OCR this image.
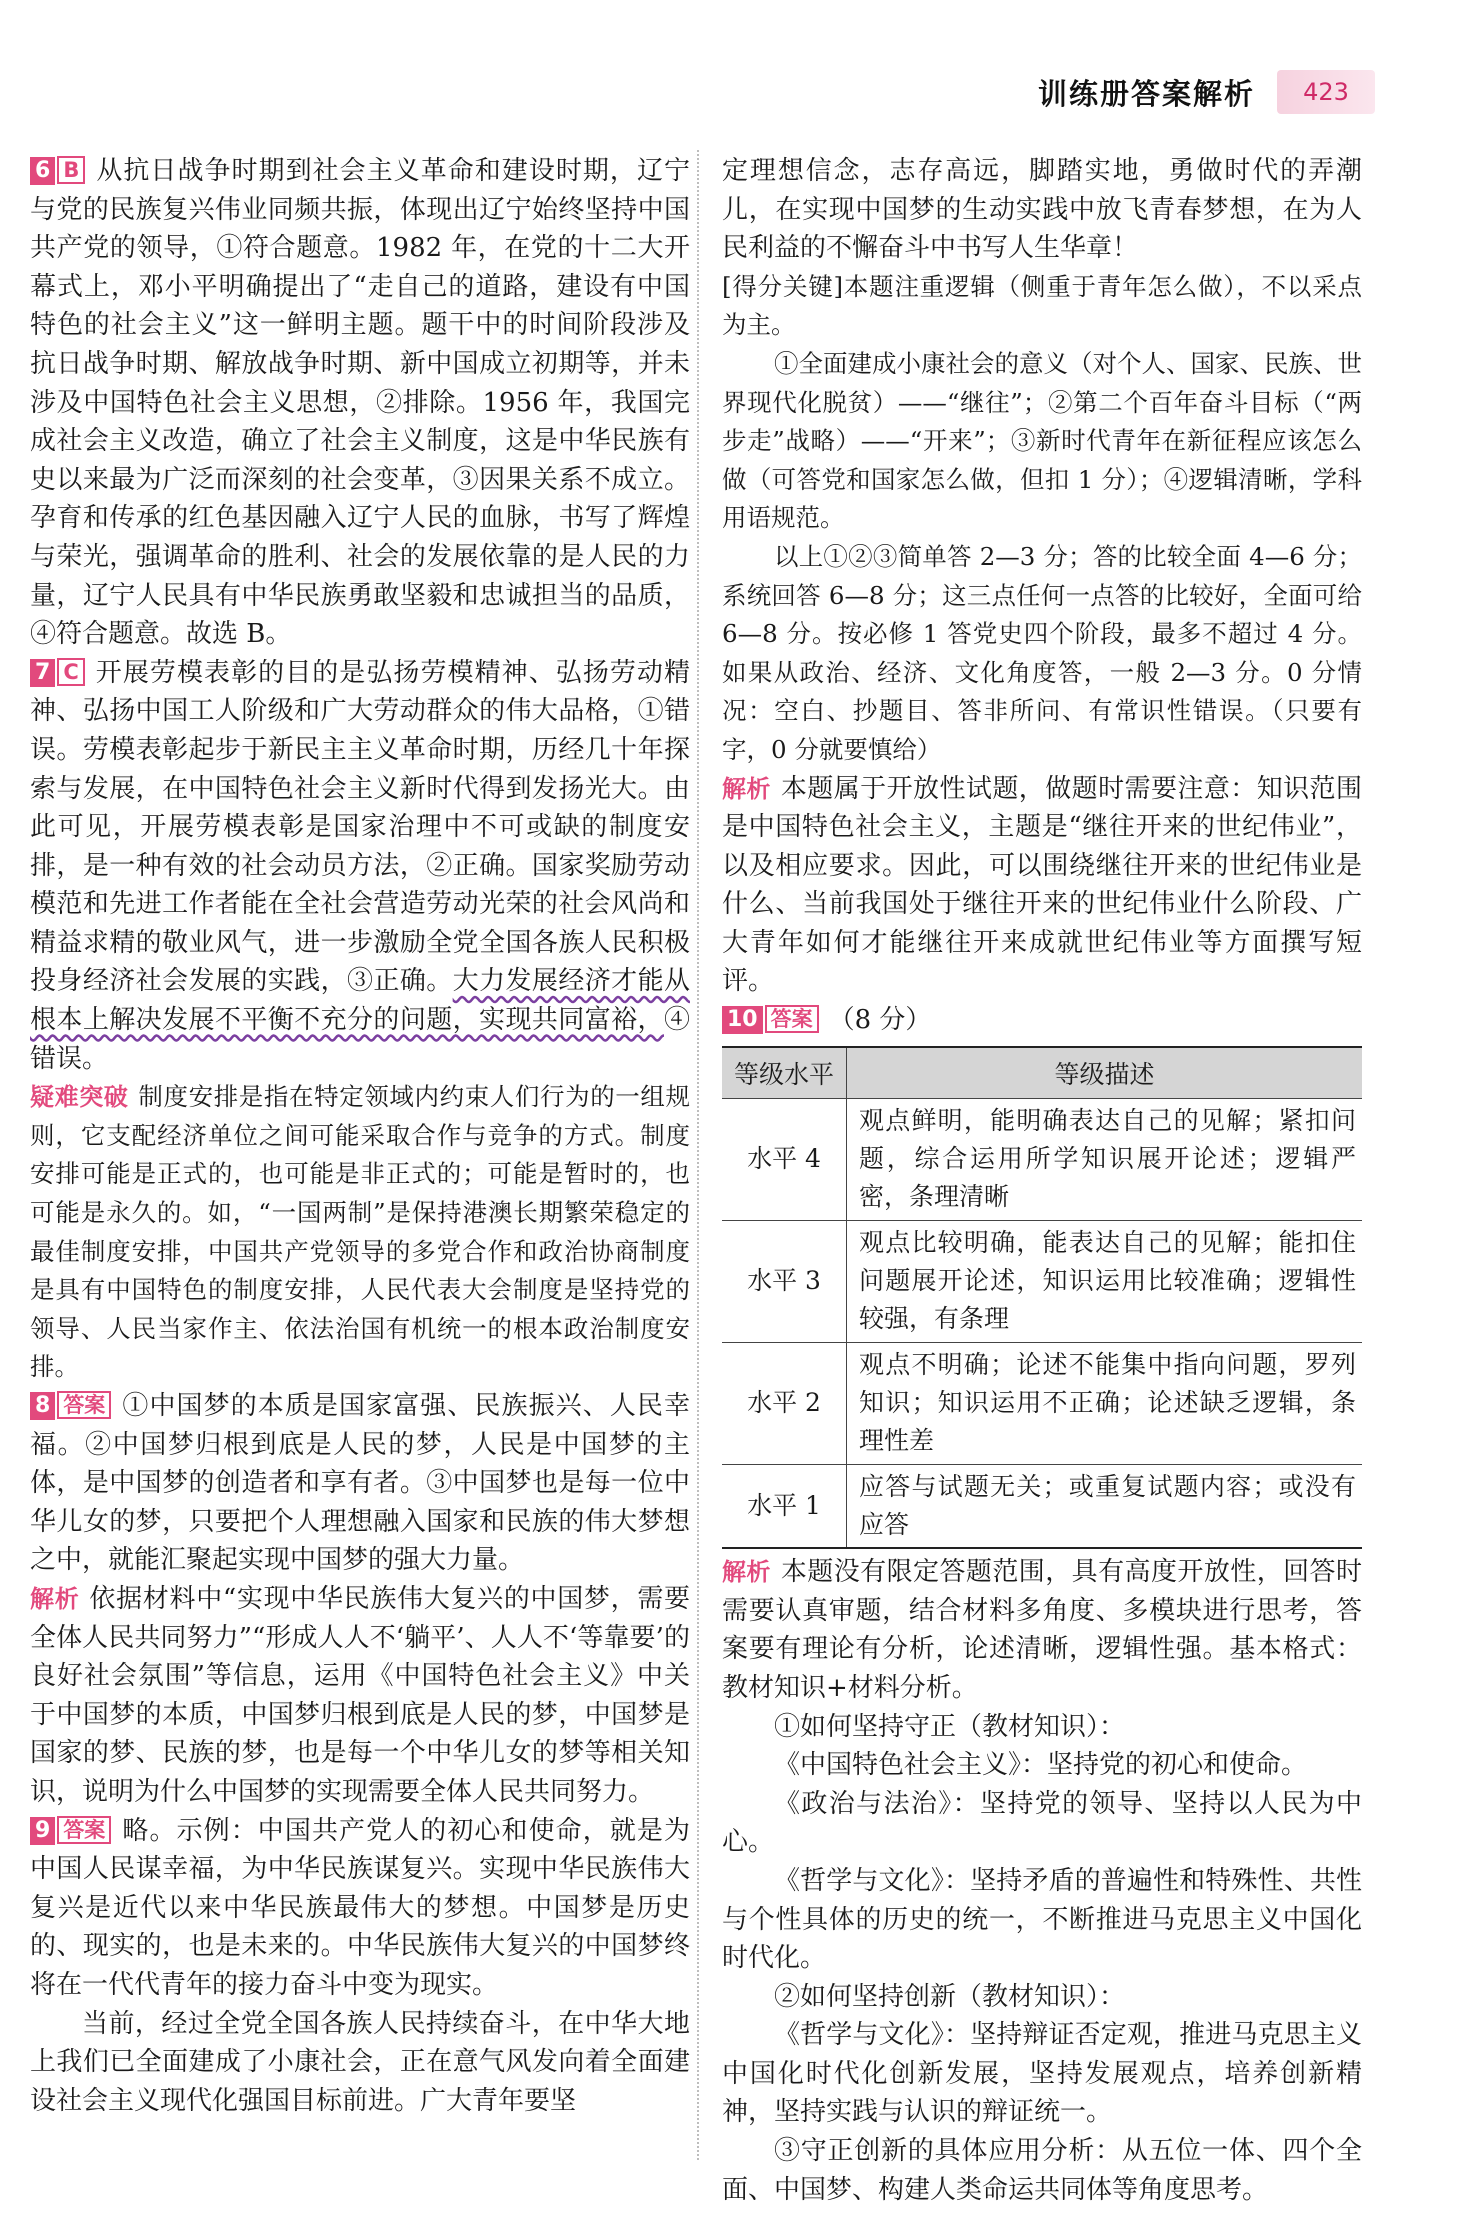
训练册答案解析	423

6 B 从抗日战争时期到社会主义革命和建设时期，辽宁与党的民族复兴伟业同频共振，体现出辽宁始终坚持中国共产党的领导，①符合题意。1982 年，在党的十二大开幕式上，邓小平明确提出了“走自己的道路，建设有中国特色的社会主义”这一鲜明主题。题干中的时间阶段涉及抗日战争时期、解放战争时期、新中国成立初期等，并未涉及中国特色社会主义思想，②排除。1956 年，我国完成社会主义改造，确立了社会主义制度，这是中华民族有史以来最为广泛而深刻的社会变革，③因果关系不成立。孕育和传承的红色基因融入辽宁人民的血脉，书写了辉煌与荣光，强调革命的胜利、社会的发展依靠的是人民的力量，辽宁人民具有中华民族勇敢坚毅和忠诚担当的品质，④符合题意。故选 B。

7 C 开展劳模表彰的目的是弘扬劳模精神、弘扬劳动精神、弘扬中国工人阶级和广大劳动群众的伟大品格，①错误。劳模表彰起步于新民主主义革命时期，历经几十年探索与发展，在中国特色社会主义新时代得到发扬光大。由此可见，开展劳模表彰是国家治理中不可或缺的制度安排，是一种有效的社会动员方法，②正确。国家奖励劳动模范和先进工作者能在全社会营造劳动光荣的社会风尚和精益求精的敬业风气，进一步激励全党全国各族人民积极投身经济社会发展的实践，③正确。大力发展经济才能从根本上解决发展不平衡不充分的问题，实现共同富裕，④错误。

疑难突破 制度安排是指在特定领域内约束人们行为的一组规则，它支配经济单位之间可能采取合作与竞争的方式。制度安排可能是正式的，也可能是非正式的；可能是暂时的，也可能是永久的。如，“一国两制”是保持港澳长期繁荣稳定的最佳制度安排，中国共产党领导的多党合作和政治协商制度是具有中国特色的制度安排，人民代表大会制度是坚持党的领导、人民当家作主、依法治国有机统一的根本政治制度安排。

8 答案 ①中国梦的本质是国家富强、民族振兴、人民幸福。②中国梦归根到底是人民的梦，人民是中国梦的主体，是中国梦的创造者和享有者。③中国梦也是每一位中华儿女的梦，只要把个人理想融入国家和民族的伟大梦想之中，就能汇聚起实现中国梦的强大力量。

解析 依据材料中“实现中华民族伟大复兴的中国梦，需要全体人民共同努力”“形成人人不‘躺平’、人人不‘等靠要’的良好社会氛围”等信息，运用《中国特色社会主义》中关于中国梦的本质，中国梦归根到底是人民的梦，中国梦是国家的梦、民族的梦，也是每一个中华儿女的梦等相关知识，说明为什么中国梦的实现需要全体人民共同努力。

9 答案 略。示例：中国共产党人的初心和使命，就是为中国人民谋幸福，为中华民族谋复兴。实现中华民族伟大复兴是近代以来中华民族最伟大的梦想。中国梦是历史的、现实的，也是未来的。中华民族伟大复兴的中国梦终将在一代代青年的接力奋斗中变为现实。

当前，经过全党全国各族人民持续奋斗，在中华大地上我们已全面建成了小康社会，正在意气风发向着全面建设社会主义现代化强国目标前进。广大青年要坚

定理想信念，志存高远，脚踏实地，勇做时代的弄潮儿，在实现中国梦的生动实践中放飞青春梦想，在为人民利益的不懈奋斗中书写人生华章！

[得分关键]本题注重逻辑（侧重于青年怎么做），不以采点为主。

①全面建成小康社会的意义（对个人、国家、民族、世界现代化脱贫）——“继往”；②第二个百年奋斗目标（“两步走”战略）——“开来”；③新时代青年在新征程应该怎么做（可答党和国家怎么做，但扣 1 分）；④逻辑清晰，学科用语规范。

以上①②③简单答 2—3 分；答的比较全面 4—6 分；系统回答 6—8 分；这三点任何一点答的比较好，全面可给 6—8 分。按必修 1 答党史四个阶段，最多不超过 4 分。如果从政治、经济、文化角度答，一般 2—3 分。0 分情况：空白、抄题目、答非所问、有常识性错误。（只要有字，0 分就要慎给）

解析 本题属于开放性试题，做题时需要注意：知识范围是中国特色社会主义，主题是“继往开来的世纪伟业”，以及相应要求。因此，可以围绕继往开来的世纪伟业是什么、当前我国处于继往开来的世纪伟业什么阶段、广大青年如何才能继往开来成就世纪伟业等方面撰写短评。

10 答案 （8 分）

等级水平	等级描述
水平 4	观点鲜明，能明确表达自己的见解；紧扣问题，综合运用所学知识展开论述；逻辑严密，条理清晰
水平 3	观点比较明确，能表达自己的见解；能扣住问题展开论述，知识运用比较准确；逻辑性较强，有条理
水平 2	观点不明确；论述不能集中指向问题，罗列知识；知识运用不正确；论述缺乏逻辑，条理性差
水平 1	应答与试题无关；或重复试题内容；或没有应答

解析 本题没有限定答题范围，具有高度开放性，回答时需要认真审题，结合材料多角度、多模块进行思考，答案要有理论有分析，论述清晰，逻辑性强。基本格式：教材知识+材料分析。

①如何坚持守正（教材知识）：

《中国特色社会主义》：坚持党的初心和使命。

《政治与法治》：坚持党的领导、坚持以人民为中心。

《哲学与文化》：坚持矛盾的普遍性和特殊性、共性与个性具体的历史的统一，不断推进马克思主义中国化时代化。

②如何坚持创新（教材知识）：

《哲学与文化》：坚持辩证否定观，推进马克思主义中国化时代化创新发展，坚持发展观点，培养创新精神，坚持实践与认识的辩证统一。

③守正创新的具体应用分析：从五位一体、四个全面、中国梦、构建人类命运共同体等角度思考。
